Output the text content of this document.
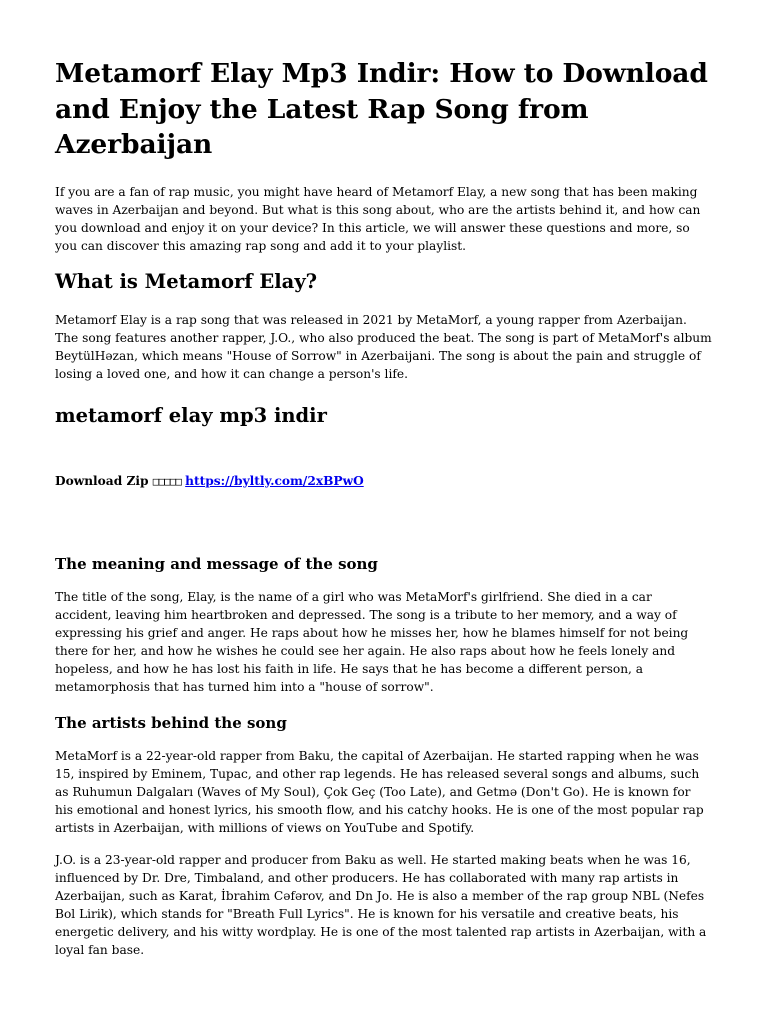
Metamorf Elay Mp3 Indir: How to Download and Enjoy the Latest Rap Song from Azerbaijan

If you are a fan of rap music, you might have heard of Metamorf Elay, a new song that has been making waves in Azerbaijan and beyond. But what is this song about, who are the artists behind it, and how can you download and enjoy it on your device? In this article, we will answer these questions and more, so you can discover this amazing rap song and add it to your playlist.

What is Metamorf Elay?

Metamorf Elay is a rap song that was released in 2021 by MetaMorf, a young rapper from Azerbaijan. The song features another rapper, J.O., who also produced the beat. The song is part of MetaMorf's album BeytülHəzan, which means "House of Sorrow" in Azerbaijani. The song is about the pain and struggle of losing a loved one, and how it can change a person's life.

metamorf elay mp3 indir
Download Zip □□□□□ https://byltly.com/2xBPwO
The meaning and message of the song

The title of the song, Elay, is the name of a girl who was MetaMorf's girlfriend. She died in a car accident, leaving him heartbroken and depressed. The song is a tribute to her memory, and a way of expressing his grief and anger. He raps about how he misses her, how he blames himself for not being there for her, and how he wishes he could see her again. He also raps about how he feels lonely and hopeless, and how he has lost his faith in life. He says that he has become a different person, a metamorphosis that has turned him into a "house of sorrow".

The artists behind the song

MetaMorf is a 22-year-old rapper from Baku, the capital of Azerbaijan. He started rapping when he was 15, inspired by Eminem, Tupac, and other rap legends. He has released several songs and albums, such as Ruhumun Dalgaları (Waves of My Soul), Çok Geç (Too Late), and Getmə (Don't Go). He is known for his emotional and honest lyrics, his smooth flow, and his catchy hooks. He is one of the most popular rap artists in Azerbaijan, with millions of views on YouTube and Spotify.

J.O. is a 23-year-old rapper and producer from Baku as well. He started making beats when he was 16, influenced by Dr. Dre, Timbaland, and other producers. He has collaborated with many rap artists in Azerbaijan, such as Karat, İbrahim Cəfərov, and Dn Jo. He is also a member of the rap group NBL (Nefes Bol Lirik), which stands for "Breath Full Lyrics". He is known for his versatile and creative beats, his energetic delivery, and his witty wordplay. He is one of the most talented rap artists in Azerbaijan, with a loyal fan base.
